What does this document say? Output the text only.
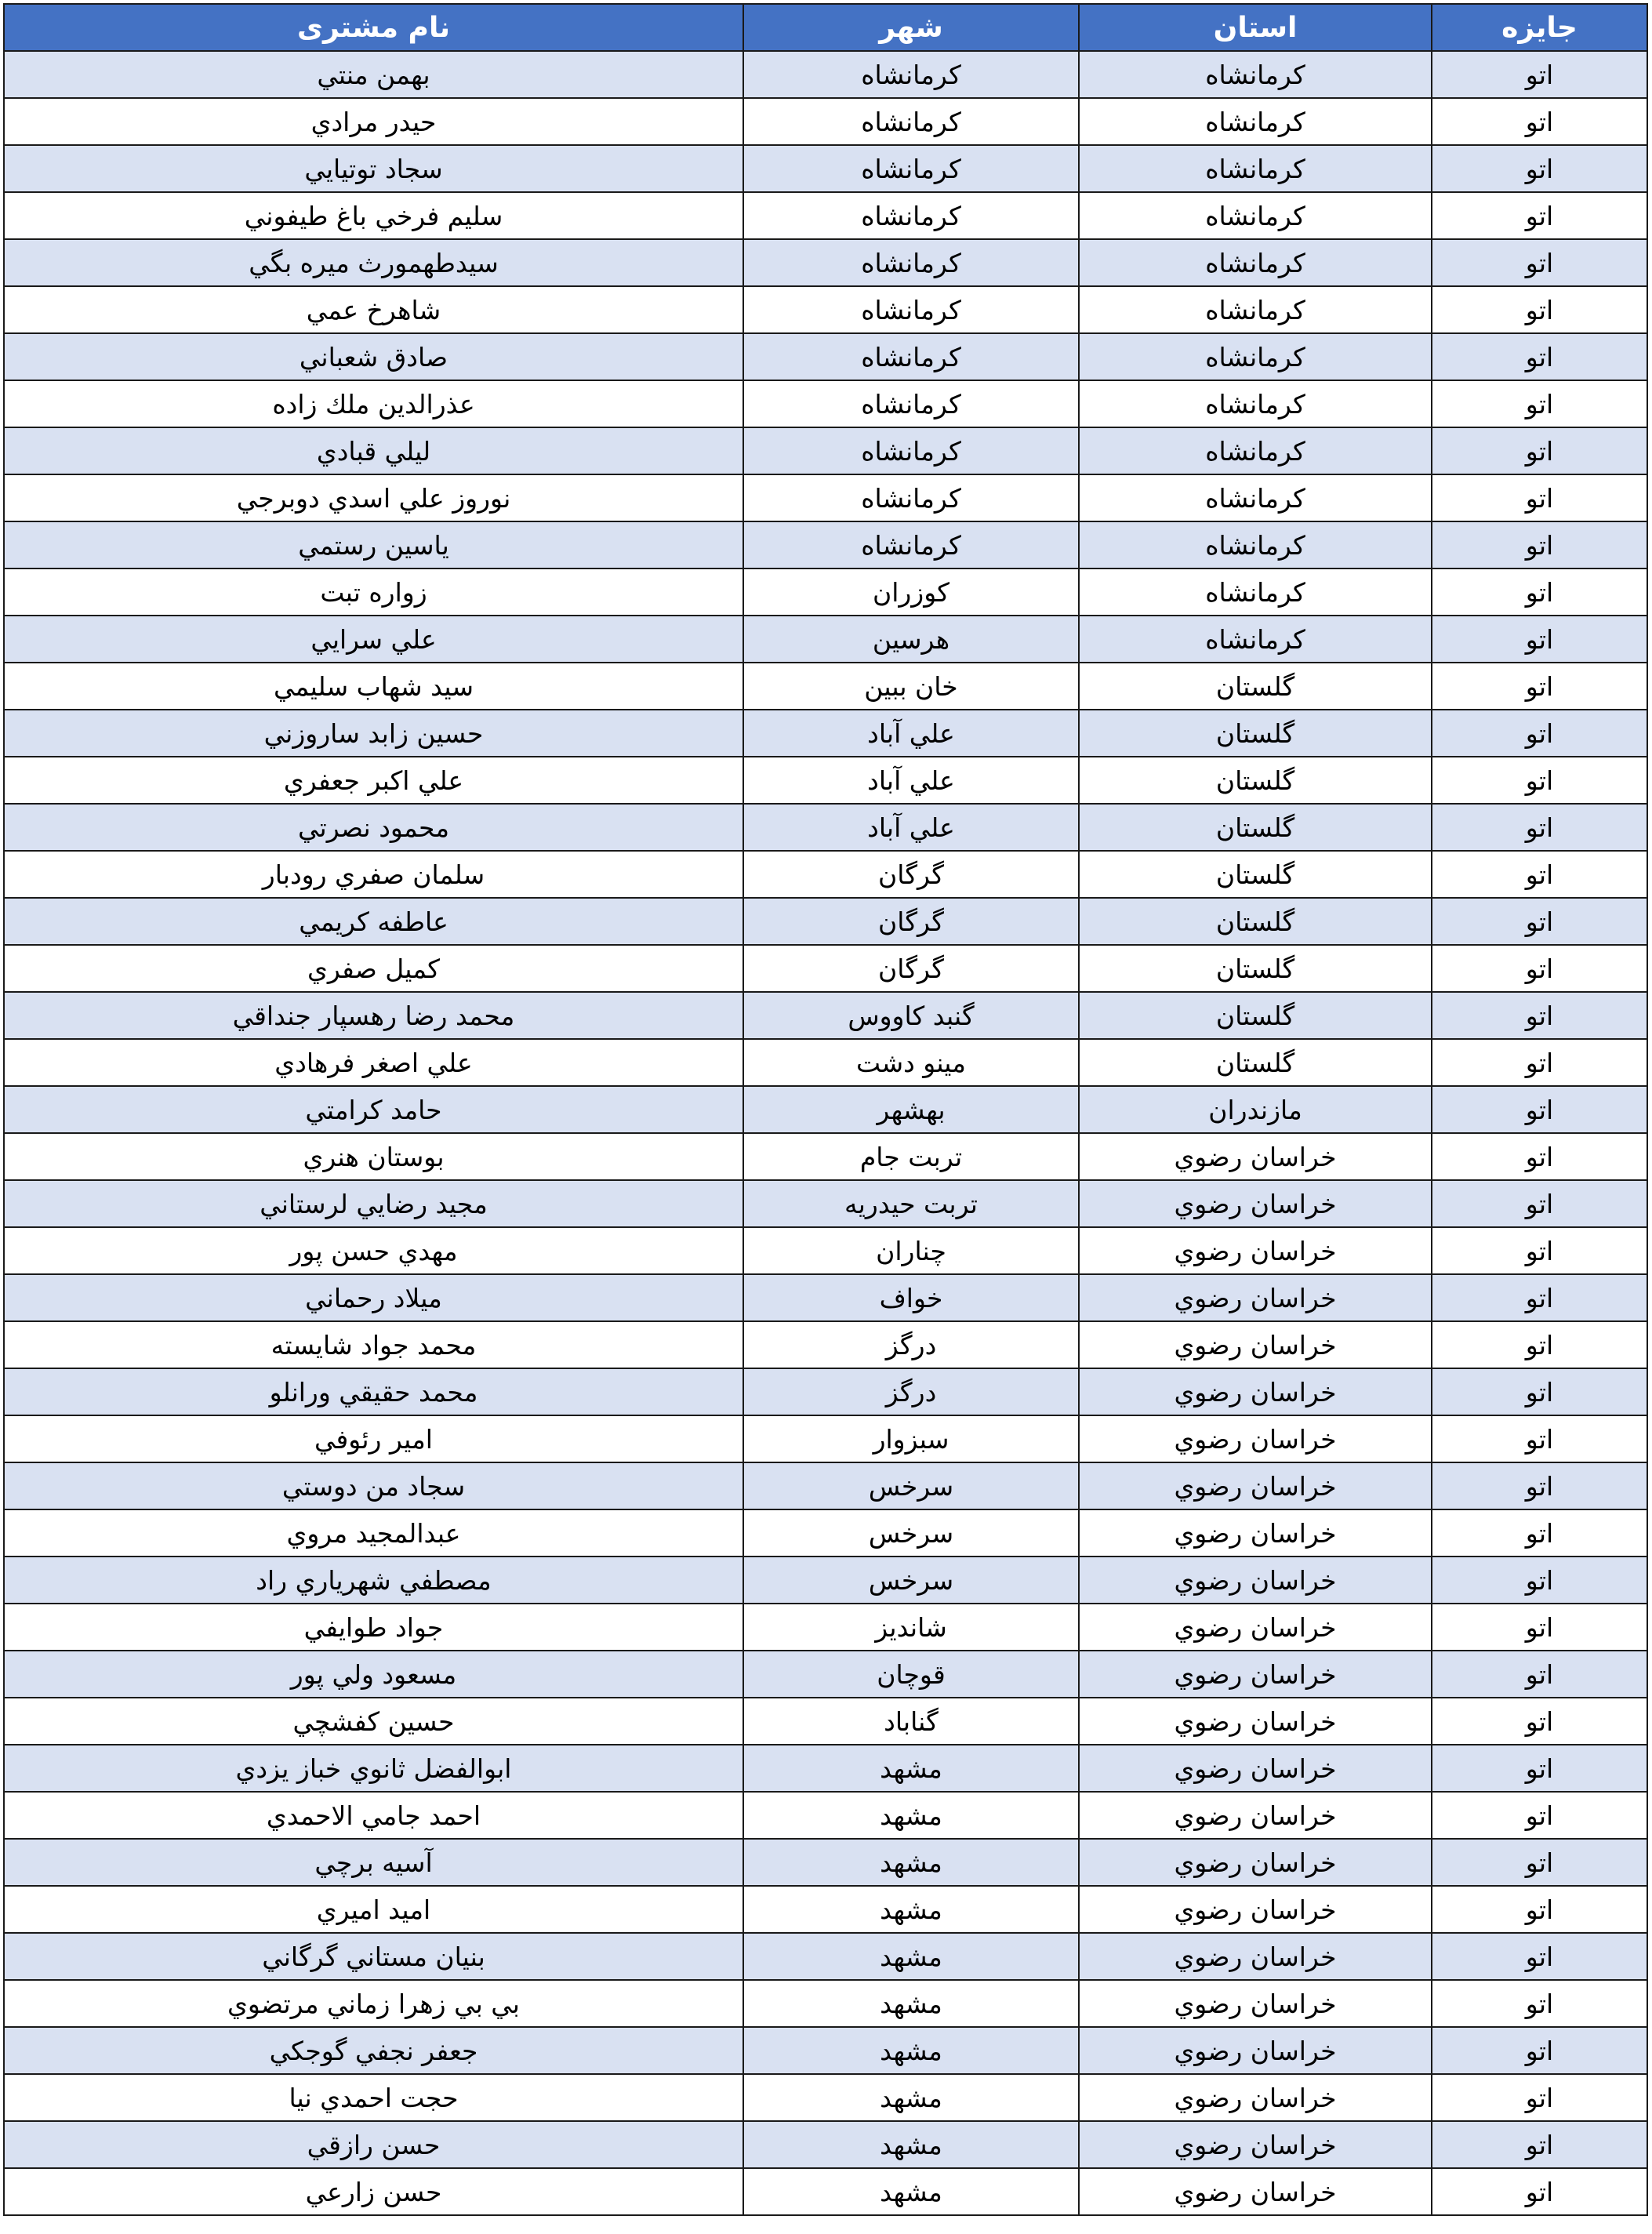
جایزه	استان	شهر	نام مشتری
اتو	كرمانشاه	كرمانشاه	بهمن منتي
اتو	كرمانشاه	كرمانشاه	حيدر مرادي
اتو	كرمانشاه	كرمانشاه	سجاد توتيايي
اتو	كرمانشاه	كرمانشاه	سليم فرخي باغ طيفوني
اتو	كرمانشاه	كرمانشاه	سيدطهمورث ميره بگي
اتو	كرمانشاه	كرمانشاه	شاهرخ عمي
اتو	كرمانشاه	كرمانشاه	صادق شعباني
اتو	كرمانشاه	كرمانشاه	عذرالدين ملك زاده
اتو	كرمانشاه	كرمانشاه	ليلي قبادي
اتو	كرمانشاه	كرمانشاه	نوروز علي اسدي دوبرجي
اتو	كرمانشاه	كرمانشاه	ياسين رستمي
اتو	كرمانشاه	كوزران	زواره تبت
اتو	كرمانشاه	هرسين	علي سرايي
اتو	گلستان	خان ببين	سيد شهاب سليمي
اتو	گلستان	علي آباد	حسين زابد ساروزني
اتو	گلستان	علي آباد	علي اكبر جعفري
اتو	گلستان	علي آباد	محمود نصرتي
اتو	گلستان	گرگان	سلمان صفري رودبار
اتو	گلستان	گرگان	عاطفه كريمي
اتو	گلستان	گرگان	كميل صفري
اتو	گلستان	گنبد كاووس	محمد رضا رهسپار جنداقي
اتو	گلستان	مينو دشت	علي اصغر فرهادي
اتو	مازندران	بهشهر	حامد كرامتي
اتو	خراسان رضوي	تربت جام	بوستان هنري
اتو	خراسان رضوي	تربت حيدريه	مجيد رضايي لرستاني
اتو	خراسان رضوي	چناران	مهدي حسن پور
اتو	خراسان رضوي	خواف	ميلاد رحماني
اتو	خراسان رضوي	درگز	محمد جواد شايسته
اتو	خراسان رضوي	درگز	محمد حقيقي ورانلو
اتو	خراسان رضوي	سبزوار	امير رئوفي
اتو	خراسان رضوي	سرخس	سجاد من دوستي
اتو	خراسان رضوي	سرخس	عبدالمجيد مروي
اتو	خراسان رضوي	سرخس	مصطفي شهرياري راد
اتو	خراسان رضوي	شانديز	جواد طوايفي
اتو	خراسان رضوي	قوچان	مسعود ولي پور
اتو	خراسان رضوي	گناباد	حسين كفشچي
اتو	خراسان رضوي	مشهد	ابوالفضل ثانوي خباز يزدي
اتو	خراسان رضوي	مشهد	احمد جامي الاحمدي
اتو	خراسان رضوي	مشهد	آسيه برچي
اتو	خراسان رضوي	مشهد	اميد اميري
اتو	خراسان رضوي	مشهد	بنيان مستاني گرگاني
اتو	خراسان رضوي	مشهد	بي بي زهرا زماني مرتضوي
اتو	خراسان رضوي	مشهد	جعفر نجفي گوجكي
اتو	خراسان رضوي	مشهد	حجت احمدي نيا
اتو	خراسان رضوي	مشهد	حسن رازقي
اتو	خراسان رضوي	مشهد	حسن زارعي
